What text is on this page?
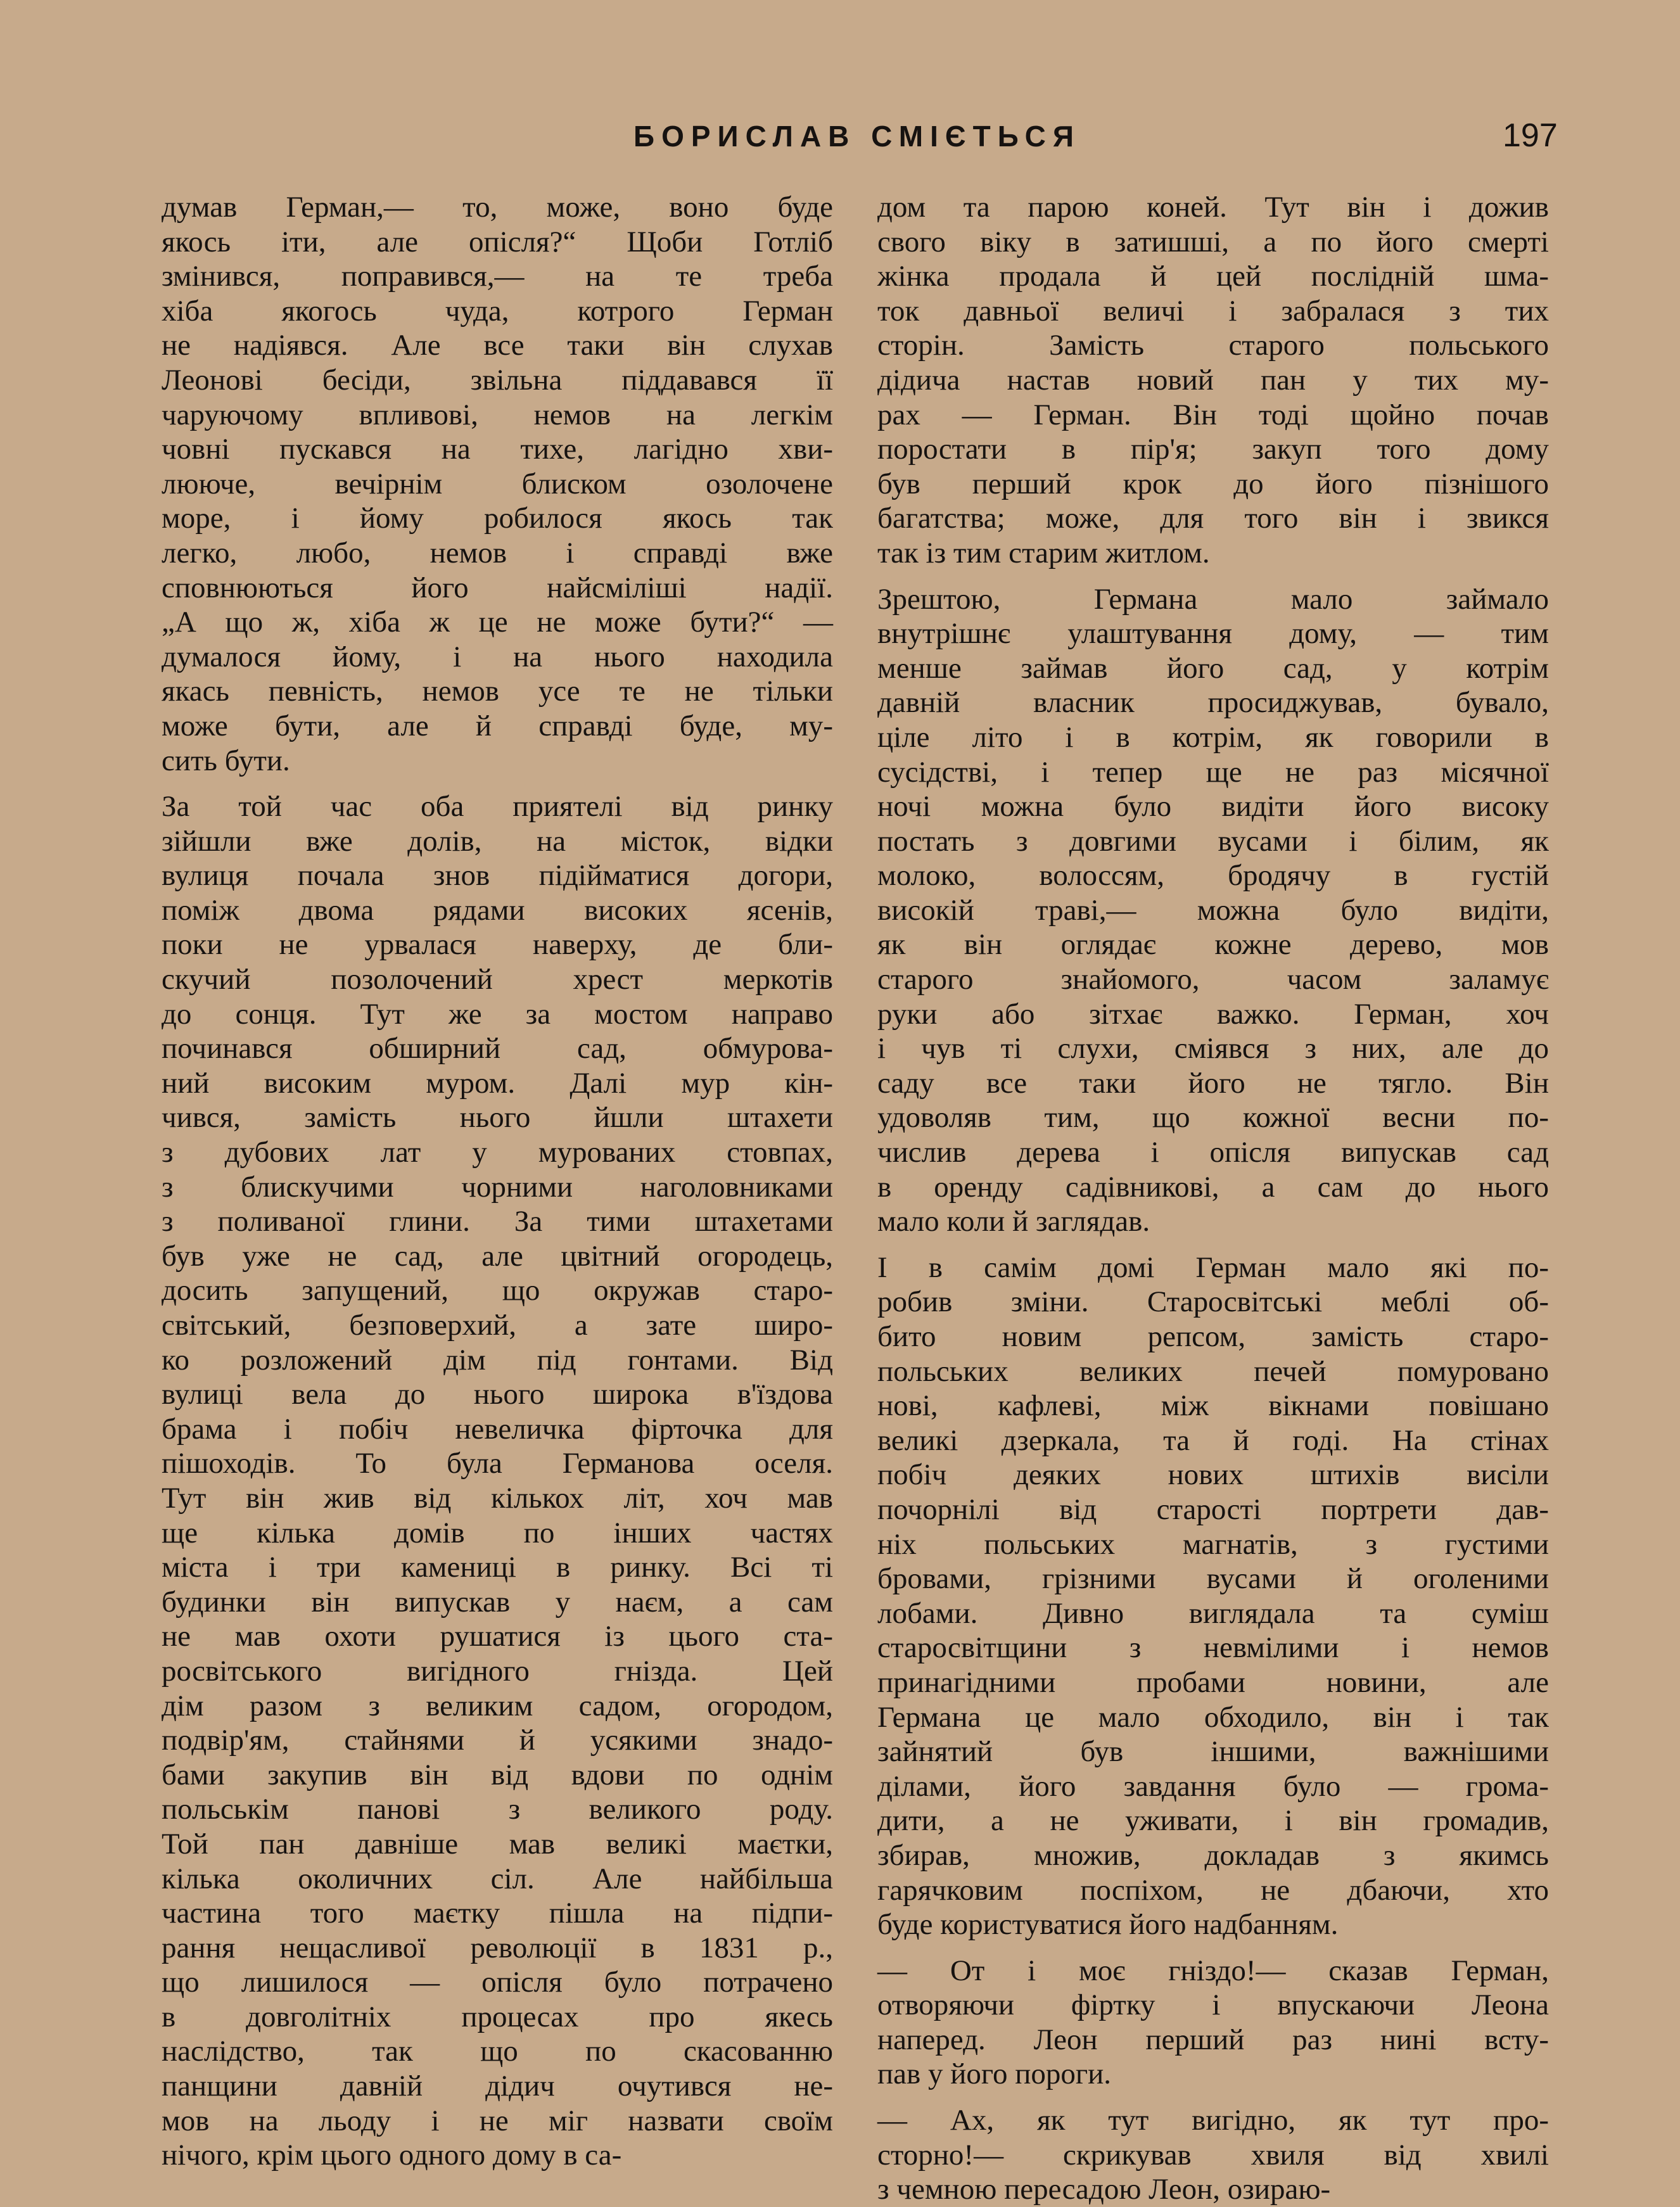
БОРИСЛАВ СМІЄТЬСЯ	197
думав Герман,— то, може, воно буде
якось іти, але опісля?“ Щоби Готліб
змінився, поправився,— на те треба
хіба якогось чуда, котрого Герман
не надіявся. Але все таки він слухав
Леонові бесіди, звільна піддавався її
чаруючому впливові, немов на легкім
човні пускався на тихе, лагідно хви-
лююче, вечірнім блиском озолочене
море, і йому робилося якось так
легко, любо, немов і справді вже
сповнюються його найсміліші надії.
„А що ж, хіба ж це не може бути?“ —
думалося йому, і на нього находила
якась певність, немов усе те не тільки
може бути, але й справді буде, му-
сить бути.
За той час оба приятелі від ринку
зійшли вже долів, на місток, відки
вулиця почала знов підійматися догори,
поміж двома рядами високих ясенів,
поки не урвалася наверху, де бли-
скучий позолочений хрест меркотів
до сонця. Тут же за мостом направо
починався обширний сад, обмурова-
ний високим муром. Далі мур кін-
чився, замість нього йшли штахети
з дубових лат у мурованих стовпах,
з блискучими чорними наголовниками
з поливаної глини. За тими штахетами
був уже не сад, але цвітний огородець,
досить запущений, що окружав старо-
світський, безповерхий, а зате широ-
ко розложений дім під гонтами. Від
вулиці вела до нього широка в'їздова
брама і побіч невеличка фірточка для
пішоходів. То була Германова оселя.
Тут він жив від кількох літ, хоч мав
ще кілька домів по інших частях
міста і три камениці в ринку. Всі ті
будинки він випускав у наєм, а сам
не мав охоти рушатися із цього ста-
росвітського вигідного гнізда. Цей
дім разом з великим садом, огородом,
подвір'ям, стайнями й усякими знадо-
бами закупив він від вдови по однім
польськім панові з великого роду.
Той пан давніше мав великі маєтки,
кілька околичних сіл. Але найбільша
частина того маєтку пішла на підпи-
рання нещасливої революції в 1831 р.,
що лишилося — опісля було потрачено
в довголітніх процесах про якесь
наслідство, так що по скасованню
панщини давній дідич очутився не-
мов на льоду і не міг назвати своїм
нічого, крім цього одного дому в са-
дом та парою коней. Тут він і дожив
свого віку в затишші, а по його смерті
жінка продала й цей послідній шма-
ток давньої величі і забралася з тих
сторін. Замість старого польського
дідича настав новий пан у тих му-
рах — Герман. Він тоді щойно почав
поростати в пір'я; закуп того дому
був перший крок до його пізнішого
багатства; може, для того він і звикся
так із тим старим житлом.
Зрештою, Германа мало займало
внутрішнє улаштування дому, — тим
менше займав його сад, у котрім
давній власник просиджував, бувало,
ціле літо і в котрім, як говорили в
сусідстві, і тепер ще не раз місячної
ночі можна було видіти його високу
постать з довгими вусами і білим, як
молоко, волоссям, бродячу в густій
високій траві,— можна було видіти,
як він оглядає кожне дерево, мов
старого знайомого, часом заламує
руки або зітхає важко. Герман, хоч
і чув ті слухи, сміявся з них, але до
саду все таки його не тягло. Він
удоволяв тим, що кожної весни по-
числив дерева і опісля випускав сад
в оренду садівникові, а сам до нього
мало коли й заглядав.
І в самім домі Герман мало які по-
робив зміни. Старосвітські меблі об-
бито новим репсом, замість старо-
польських великих печей помуровано
нові, кафлеві, між вікнами повішано
великі дзеркала, та й годі. На стінах
побіч деяких нових штихів висіли
почорнілі від старості портрети дав-
ніх польських магнатів, з густими
бровами, грізними вусами й оголеними
лобами. Дивно виглядала та суміш
старосвітщини з невмілими і немов
принагідними пробами новини, але
Германа це мало обходило, він і так
зайнятий був іншими, важнішими
ділами, його завдання було — грома-
дити, а не уживати, і він громадив,
збирав, множив, докладав з якимсь
гарячковим поспіхом, не дбаючи, хто
буде користуватися його надбанням.
— От і моє гніздо!— сказав Герман,
отворяючи фіртку і впускаючи Леона
наперед. Леон перший раз нині всту-
пав у його пороги.
— Ах, як тут вигідно, як тут про-
сторно!— скрикував хвиля від хвилі
з чемною пересадою Леон, озираю-
